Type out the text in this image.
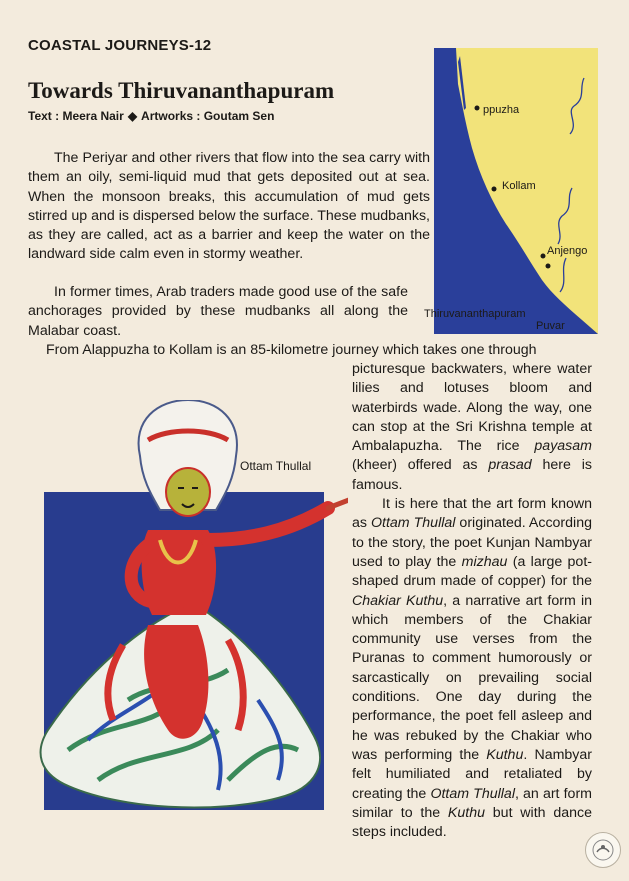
COASTAL JOURNEYS-12
Towards Thiruvananthapuram
Text : Meera Nair ◆ Artworks : Goutam Sen	ppuzha
Kollam
Anjengo
Thiruvananthapuram
Puvar

The Periyar and other rivers that flow into the sea carry with them an oily, semi-liquid mud that gets deposited out at sea. When the monsoon breaks, this accumulation of mud gets stirred up and is dispersed below the surface. These mudbanks, as they are called, act as a barrier and keep the water on the landward side calm even in stormy weather.

In former times, Arab traders made good use of the safe anchorages provided by these mudbanks all along the Malabar coast.

From Alappuzha to Kollam is an 85-kilometre journey which takes one through

picturesque backwaters, where water lilies and lotuses bloom and waterbirds wade. Along the way, one can stop at the Sri Krishna temple at Ambalapuzha. The rice payasam (kheer) offered as prasad here is famous.

It is here that the art form known as Ottam Thullal originated. According to the story, the poet Kunjan Nambyar used to play the mizhau (a large pot-shaped drum made of copper) for the Chakiar Kuthu, a narrative art form in which members of the Chakiar community use verses from the Puranas to comment humorously or sarcastically on prevailing social conditions. One day during the performance, the poet fell asleep and he was rebuked by the Chakiar who was performing the Kuthu. Nambyar felt humiliated and retaliated by creating the Ottam Thullal, an art form similar to the Kuthu but with dance steps included.

Ottam Thullal
